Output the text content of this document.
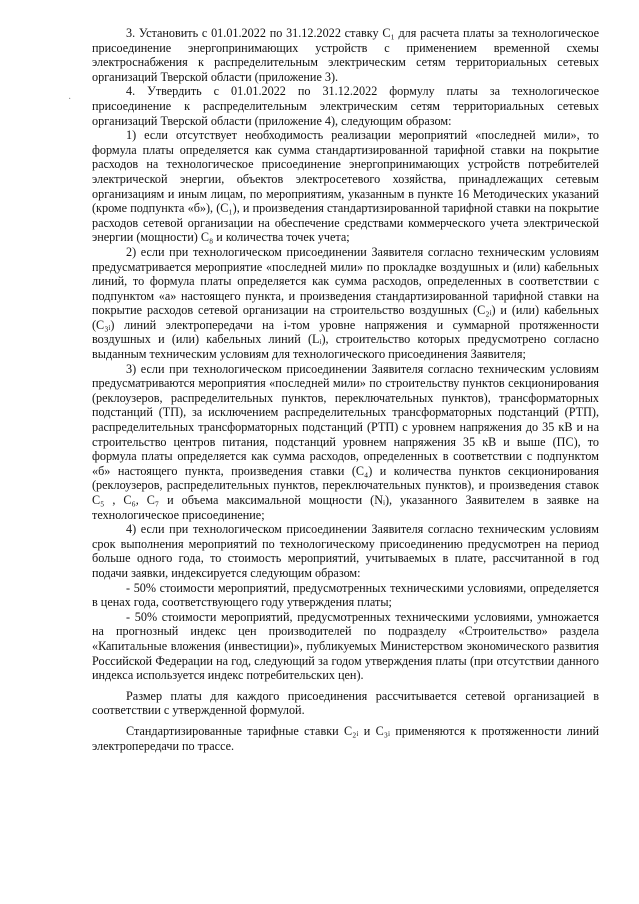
·

3. Установить с 01.01.2022 по 31.12.2022 ставку С₁ для расчета платы за технологическое присоединение энергопринимающих устройств с применением временной схемы электроснабжения к распределительным электрическим сетям территориальных сетевых организаций Тверской области (приложение 3).

4. Утвердить с 01.01.2022 по 31.12.2022 формулу платы за технологическое присоединение к распределительным электрическим сетям территориальных сетевых организаций Тверской области (приложение 4), следующим образом:

1) если отсутствует необходимость реализации мероприятий «последней мили», то формула платы определяется как сумма стандартизированной тарифной ставки на покрытие расходов на технологическое присоединение энергопринимающих устройств потребителей электрической энергии, объектов электросетевого хозяйства, принадлежащих сетевым организациям и иным лицам, по мероприятиям, указанным в пункте 16 Методических указаний (кроме подпункта «б»), (С₁), и произведения стандартизированной тарифной ставки на покрытие расходов сетевой организации на обеспечение средствами коммерческого учета электрической энергии (мощности) С₈ и количества точек учета;

2) если при технологическом присоединении Заявителя согласно техническим условиям предусматривается мероприятие «последней мили» по прокладке воздушных и (или) кабельных линий, то формула платы определяется как сумма расходов, определенных в соответствии с подпунктом «а» настоящего пункта, и произведения стандартизированной тарифной ставки на покрытие расходов сетевой организации на строительство воздушных (С₂ᵢ) и (или) кабельных (С₃ᵢ) линий электропередачи на i-том уровне напряжения и суммарной протяженности воздушных и (или) кабельных линий (Lᵢ), строительство которых предусмотрено согласно выданным техническим условиям для технологического присоединения Заявителя;

3) если при технологическом присоединении Заявителя согласно техническим условиям предусматриваются мероприятия «последней мили» по строительству пунктов секционирования (реклоузеров, распределительных пунктов, переключательных пунктов), трансформаторных подстанций (ТП), за исключением распределительных трансформаторных подстанций (РТП), распределительных трансформаторных подстанций (РТП) с уровнем напряжения до 35 кВ и на строительство центров питания, подстанций уровнем напряжения 35 кВ и выше (ПС), то формула платы определяется как сумма расходов, определенных в соответствии с подпунктом «б» настоящего пункта, произведения ставки (С₄) и количества пунктов секционирования (реклоузеров, распределительных пунктов, переключательных пунктов), и произведения ставок С₅ , С₆, С₇ и объема максимальной мощности (Nᵢ), указанного Заявителем в заявке на технологическое присоединение;

4) если при технологическом присоединении Заявителя согласно техническим условиям срок выполнения мероприятий по технологическому присоединению предусмотрен на период больше одного года, то стоимость мероприятий, учитываемых в плате, рассчитанной в год подачи заявки, индексируется следующим образом:

- 50% стоимости мероприятий, предусмотренных техническими условиями, определяется в ценах года, соответствующего году утверждения платы;

- 50% стоимости мероприятий, предусмотренных техническими условиями, умножается на прогнозный индекс цен производителей по подразделу «Строительство» раздела «Капитальные вложения (инвестиции)», публикуемых Министерством экономического развития Российской Федерации на год, следующий за годом утверждения платы (при отсутствии данного индекса используется индекс потребительских цен).

Размер платы для каждого присоединения рассчитывается сетевой организацией в соответствии с утвержденной формулой.

Стандартизированные тарифные ставки С₂ᵢ и С₃ᵢ применяются к протяженности линий электропередачи по трассе.
